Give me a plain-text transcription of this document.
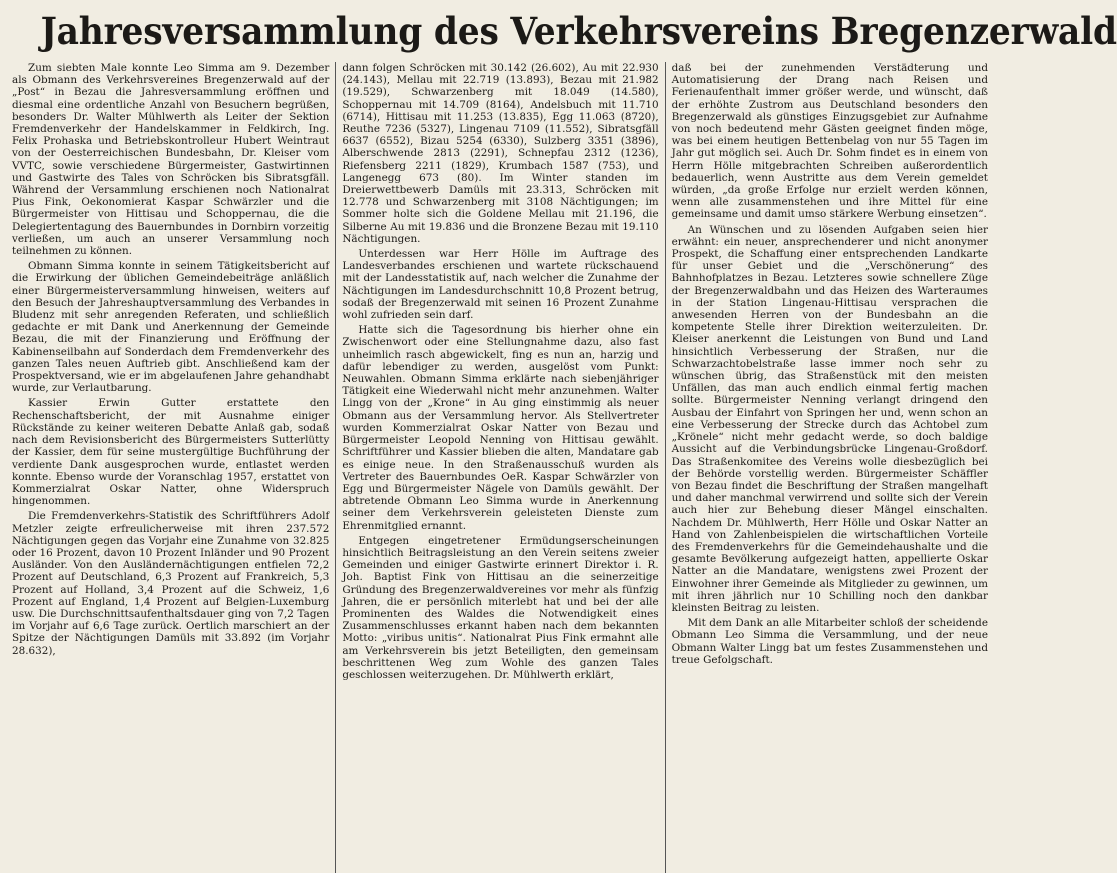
Jahresversammlung des Verkehrsvereins Bregenzerwald

Zum siebten Male konnte Leo Simma am 9. Dezember als Obmann des Verkehrsvereines Bregenzerwald auf der „Post“ in Bezau die Jahresversammlung eröffnen und diesmal eine ordentliche Anzahl von Besuchern begrüßen, besonders Dr. Walter Mühlwerth als Leiter der Sektion Fremdenverkehr der Handelskammer in Feldkirch, Ing. Felix Prohaska und Betriebskontrolleur Hubert Weintraut von der Oesterreichischen Bundesbahn, Dr. Kleiser vom VVTC, sowie verschiedene Bürgermeister, Gastwirtinnen und Gastwirte des Tales von Schröcken bis Sibratsgfäll. Während der Versammlung erschienen noch Nationalrat Pius Fink, Oekonomierat Kaspar Schwärzler und die Bürgermeister von Hittisau und Schoppernau, die die Delegiertentagung des Bauernbundes in Dornbirn vorzeitig verließen, um auch an unserer Versammlung noch teilnehmen zu können.

Obmann Simma konnte in seinem Tätigkeitsbericht auf die Erwirkung der üblichen Gemeindebeiträge anläßlich einer Bürgermeisterversammlung hinweisen, weiters auf den Besuch der Jahreshauptversammlung des Verbandes in Bludenz mit sehr anregenden Referaten, und schließlich gedachte er mit Dank und Anerkennung der Gemeinde Bezau, die mit der Finanzierung und Eröffnung der Kabinenseilbahn auf Sonderdach dem Fremdenverkehr des ganzen Tales neuen Auftrieb gibt. Anschließend kam der Prospektversand, wie er im abgelaufenen Jahre gehandhabt wurde, zur Verlautbarung.

Kassier Erwin Gutter erstattete den Rechenschaftsbericht, der mit Ausnahme einiger Rückstände zu keiner weiteren Debatte Anlaß gab, sodaß nach dem Revisionsbericht des Bürgermeisters Sutterlütty der Kassier, dem für seine mustergültige Buchführung der verdiente Dank ausgesprochen wurde, entlastet werden konnte. Ebenso wurde der Voranschlag 1957, erstattet von Kommerzialrat Oskar Natter, ohne Widerspruch hingenommen.

Die Fremdenverkehrs-Statistik des Schriftführers Adolf Metzler zeigte erfreulicherweise mit ihren 237.572 Nächtigungen gegen das Vorjahr eine Zunahme von 32.825 oder 16 Prozent, davon 10 Prozent Inländer und 90 Prozent Ausländer. Von den Ausländernächtigungen entfielen 72,2 Prozent auf Deutschland, 6,3 Prozent auf Frankreich, 5,3 Prozent auf Holland, 3,4 Prozent auf die Schweiz, 1,6 Prozent auf England, 1,4 Prozent auf Belgien-Luxemburg usw. Die Durchschnittsaufenthaltsdauer ging von 7,2 Tagen im Vorjahr auf 6,6 Tage zurück. Oertlich marschiert an der Spitze der Nächtigungen Damüls mit 33.892 (im Vorjahr 28.632),

dann folgen Schröcken mit 30.142 (26.602), Au mit 22.930 (24.143), Mellau mit 22.719 (13.893), Bezau mit 21.982 (19.529), Schwarzenberg mit 18.049 (14.580), Schoppernau mit 14.709 (8164), Andelsbuch mit 11.710 (6714), Hittisau mit 11.253 (13.835), Egg 11.063 (8720), Reuthe 7236 (5327), Lingenau 7109 (11.552), Sibratsgfäll 6637 (6552), Bizau 5254 (6330), Sulzberg 3351 (3896), Alberschwende 2813 (2291), Schnepfau 2312 (1236), Riefensberg 2211 (1829), Krumbach 1587 (753), und Langenegg 673 (80). Im Winter standen im Dreierwettbewerb Damüls mit 23.313, Schröcken mit 12.778 und Schwarzenberg mit 3108 Nächtigungen; im Sommer holte sich die Goldene Mellau mit 21.196, die Silberne Au mit 19.836 und die Bronzene Bezau mit 19.110 Nächtigungen.

Unterdessen war Herr Hölle im Auftrage des Landesverbandes erschienen und wartete rückschauend mit der Landesstatistik auf, nach welcher die Zunahme der Nächtigungen im Landesdurchschnitt 10,8 Prozent betrug, sodaß der Bregenzerwald mit seinen 16 Prozent Zunahme wohl zufrieden sein darf.

Hatte sich die Tagesordnung bis hierher ohne ein Zwischenwort oder eine Stellungnahme dazu, also fast unheimlich rasch abgewickelt, fing es nun an, harzig und dafür lebendiger zu werden, ausgelöst vom Punkt: Neuwahlen. Obmann Simma erklärte nach siebenjähriger Tätigkeit eine Wiederwahl nicht mehr anzunehmen. Walter Lingg von der „Krone“ in Au ging einstimmig als neuer Obmann aus der Versammlung hervor. Als Stellvertreter wurden Kommerzialrat Oskar Natter von Bezau und Bürgermeister Leopold Nenning von Hittisau gewählt. Schriftführer und Kassier blieben die alten, Mandatare gab es einige neue. In den Straßenausschuß wurden als Vertreter des Bauernbundes OeR. Kaspar Schwärzler von Egg und Bürgermeister Nägele von Damüls gewählt. Der abtretende Obmann Leo Simma wurde in Anerkennung seiner dem Verkehrsverein geleisteten Dienste zum Ehrenmitglied ernannt.

Entgegen eingetretener Ermüdungserscheinungen hinsichtlich Beitragsleistung an den Verein seitens zweier Gemeinden und einiger Gastwirte erinnert Direktor i. R. Joh. Baptist Fink von Hittisau an die seinerzeitige Gründung des Bregenzerwaldvereines vor mehr als fünfzig Jahren, die er persönlich miterlebt hat und bei der alle Prominenten des Waldes die Notwendigkeit eines Zusammenschlusses erkannt haben nach dem bekannten Motto: „viribus unitis“. Nationalrat Pius Fink ermahnt alle am Verkehrsverein bis jetzt Beteiligten, den gemeinsam beschrittenen Weg zum Wohle des ganzen Tales geschlossen weiterzugehen. Dr. Mühlwerth erklärt,

daß bei der zunehmenden Verstädterung und Automatisierung der Drang nach Reisen und Ferienaufenthalt immer größer werde, und wünscht, daß der erhöhte Zustrom aus Deutschland besonders den Bregenzerwald als günstiges Einzugsgebiet zur Aufnahme von noch bedeutend mehr Gästen geeignet finden möge, was bei einem heutigen Bettenbelag von nur 55 Tagen im Jahr gut möglich sei. Auch Dr. Sohm findet es in einem von Herrn Hölle mitgebrachten Schreiben außerordentlich bedauerlich, wenn Austritte aus dem Verein gemeldet würden, „da große Erfolge nur erzielt werden können, wenn alle zusammenstehen und ihre Mittel für eine gemeinsame und damit umso stärkere Werbung einsetzen“.

An Wünschen und zu lösenden Aufgaben seien hier erwähnt: ein neuer, ansprechenderer und nicht anonymer Prospekt, die Schaffung einer entsprechenden Landkarte für unser Gebiet und die „Verschönerung“ des Bahnhofplatzes in Bezau. Letzteres sowie schnellere Züge der Bregenzerwaldbahn und das Heizen des Warteraumes in der Station Lingenau-Hittisau versprachen die anwesenden Herren von der Bundesbahn an die kompetente Stelle ihrer Direktion weiterzuleiten. Dr. Kleiser anerkennt die Leistungen von Bund und Land hinsichtlich Verbesserung der Straßen, nur die Schwarzachtobelstraße lasse immer noch sehr zu wünschen übrig, das Straßenstück mit den meisten Unfällen, das man auch endlich einmal fertig machen sollte. Bürgermeister Nenning verlangt dringend den Ausbau der Einfahrt von Springen her und, wenn schon an eine Verbesserung der Strecke durch das Achtobel zum „Krönele“ nicht mehr gedacht werde, so doch baldige Aussicht auf die Verbindungsbrücke Lingenau-Großdorf. Das Straßenkomitee des Vereins wolle diesbezüglich bei der Behörde vorstellig werden. Bürgermeister Schäffler von Bezau findet die Beschriftung der Straßen mangelhaft und daher manchmal verwirrend und sollte sich der Verein auch hier zur Behebung dieser Mängel einschalten. Nachdem Dr. Mühlwerth, Herr Hölle und Oskar Natter an Hand von Zahlenbeispielen die wirtschaftlichen Vorteile des Fremdenverkehrs für die Gemeindehaushalte und die gesamte Bevölkerung aufgezeigt hatten, appellierte Oskar Natter an die Mandatare, wenigstens zwei Prozent der Einwohner ihrer Gemeinde als Mitglieder zu gewinnen, um mit ihren jährlich nur 10 Schilling noch den dankbar kleinsten Beitrag zu leisten.

Mit dem Dank an alle Mitarbeiter schloß der scheidende Obmann Leo Simma die Versammlung, und der neue Obmann Walter Lingg bat um festes Zusammenstehen und treue Gefolgschaft.
